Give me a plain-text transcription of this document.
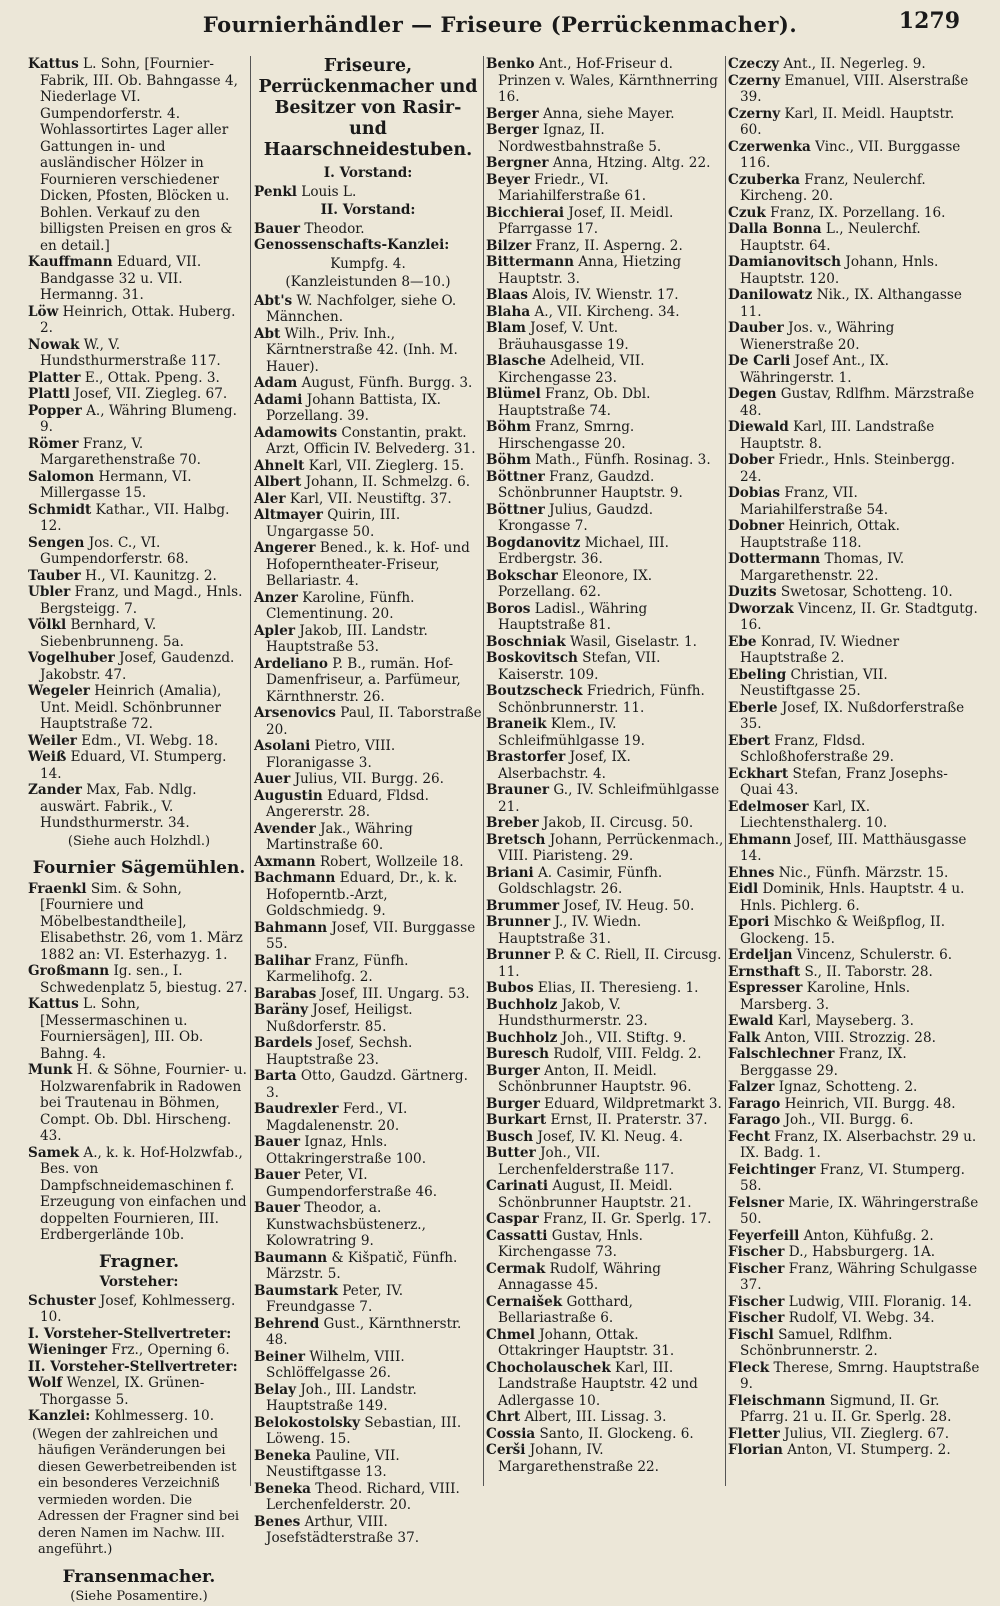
Fournierhändler — Friseure (Perrückenmacher).	1279
Kattus L. Sohn, [Fournier-Fabrik, III. Ob. Bahngasse 4, Niederlage VI. Gumpendorferstr. 4. Wohlassortirtes Lager aller Gattungen in- und ausländischer Hölzer in Fournieren verschiedener Dicken, Pfosten, Blöcken u. Bohlen. Verkauf zu den billigsten Preisen en gros & en detail.]
Kauffmann Eduard, VII. Bandgasse 32 u. VII. Hermanng. 31.
Löw Heinrich, Ottak. Huberg. 2.
Nowak W., V. Hundsthurmerstraße 117.
Platter E., Ottak. Ppeng. 3.
Plattl Josef, VII. Ziegleg. 67.
Popper A., Währing Blumeng. 9.
Römer Franz, V. Margarethenstraße 70.
Salomon Hermann, VI. Millergasse 15.
Schmidt Kathar., VII. Halbg. 12.
Sengen Jos. C., VI. Gumpendorferstr. 68.
Tauber H., VI. Kaunitzg. 2.
Ubler Franz, und Magd., Hnls. Bergsteigg. 7.
Völkl Bernhard, V. Siebenbrunneng. 5a.
Vogelhuber Josef, Gaudenzd. Jakobstr. 47.
Wegeler Heinrich (Amalia), Unt. Meidl. Schönbrunner Hauptstraße 72.
Weiler Edm., VI. Webg. 18.
Weiß Eduard, VI. Stumperg. 14.
Zander Max, Fab. Ndlg. auswärt. Fabrik., V. Hundsthurmerstr. 34.

(Siehe auch Holzhdl.)

Fournier Sägemühlen.
Fraenkl Sim. & Sohn, [Fourniere und Möbelbestandtheile], Elisabethstr. 26, vom 1. März 1882 an: VI. Esterhazyg. 1.
Großmann Ig. sen., I. Schwedenplatz 5, biestug. 27.
Kattus L. Sohn, [Messermaschinen u. Fourniersägen], III. Ob. Bahng. 4.
Munk H. & Söhne, Fournier- u. Holzwarenfabrik in Radowen bei Trautenau in Böhmen, Compt. Ob. Dbl. Hirscheng. 43.
Samek A., k. k. Hof-Holzwfab., Bes. von Dampfschneidemaschinen f. Erzeugung von einfachen und doppelten Fournieren, III. Erdbergerlände 10b.
Fragner.
Vorsteher:
Schuster Josef, Kohlmesserg. 10.
I. Vorsteher-Stellvertreter:
Wieninger Frz., Operning 6.
II. Vorsteher-Stellvertreter:
Wolf Wenzel, IX. Grünen-Thorgasse 5.
Kanzlei: Kohlmesserg. 10.

(Wegen der zahlreichen und häufigen Veränderungen bei diesen Gewerbetreibenden ist ein besonderes Verzeichniß vermieden worden. Die Adressen der Fragner sind bei deren Namen im Nachw. III. angeführt.)

Fransenmacher.

(Siehe Posamentire.)

Friseure, Perrückenmacher und Besitzer von Rasir- und Haarschneidestuben.
I. Vorstand:
Penkl Louis L.
II. Vorstand:
Bauer Theodor.
Genossenschafts-Kanzlei:
Kumpfg. 4.
(Kanzleistunden 8—10.)
Abt's W. Nachfolger, siehe O. Männchen.
Abt Wilh., Priv. Inh., Kärntnerstraße 42. (Inh. M. Hauer).
Adam August, Fünfh. Burgg. 3.
Adami Johann Battista, IX. Porzellang. 39.
Adamowits Constantin, prakt. Arzt, Officin IV. Belvederg. 31.
Ahnelt Karl, VII. Zieglerg. 15.
Albert Johann, II. Schmelzg. 6.
Aler Karl, VII. Neustiftg. 37.
Altmayer Quirin, III. Ungargasse 50.
Angerer Bened., k. k. Hof- und Hofoperntheater-Friseur, Bellariastr. 4.
Anzer Karoline, Fünfh. Clementinung. 20.
Apler Jakob, III. Landstr. Hauptstraße 53.
Ardeliano P. B., rumän. Hof-Damenfriseur, a. Parfümeur, Kärnthnerstr. 26.
Arsenovics Paul, II. Taborstraße 20.
Asolani Pietro, VIII. Floranigasse 3.
Auer Julius, VII. Burgg. 26.
Augustin Eduard, Fldsd. Angererstr. 28.
Avender Jak., Währing Martinstraße 60.
Axmann Robert, Wollzeile 18.
Bachmann Eduard, Dr., k. k. Hofoperntb.-Arzt, Goldschmiedg. 9.
Bahmann Josef, VII. Burggasse 55.
Balihar Franz, Fünfh. Karmelihofg. 2.
Barabas Josef, III. Ungarg. 53.
Baräny Josef, Heiligst. Nußdorferstr. 85.
Bardels Josef, Sechsh. Hauptstraße 23.
Barta Otto, Gaudzd. Gärtnerg. 3.
Baudrexler Ferd., VI. Magdalenenstr. 20.
Bauer Ignaz, Hnls. Ottakringerstraße 100.
Bauer Peter, VI. Gumpendorferstraße 46.
Bauer Theodor, a. Kunstwachsbüstenerz., Kolowratring 9.
Baumann & Kišpatič, Fünfh. Märzstr. 5.
Baumstark Peter, IV. Freundgasse 7.
Behrend Gust., Kärnthnerstr. 48.
Beiner Wilhelm, VIII. Schlöffelgasse 26.
Belay Joh., III. Landstr. Hauptstraße 149.
Belokostolsky Sebastian, III. Löweng. 15.
Beneka Pauline, VII. Neustiftgasse 13.
Beneka Theod. Richard, VIII. Lerchenfelderstr. 20.
Benes Arthur, VIII. Josefstädterstraße 37.
Benko Ant., Hof-Friseur d. Prinzen v. Wales, Kärnthnerring 16.
Berger Anna, siehe Mayer.
Berger Ignaz, II. Nordwestbahnstraße 5.
Bergner Anna, Htzing. Altg. 22.
Beyer Friedr., VI. Mariahilferstraße 61.
Bicchierai Josef, II. Meidl. Pfarrgasse 17.
Bilzer Franz, II. Asperng. 2.
Bittermann Anna, Hietzing Hauptstr. 3.
Blaas Alois, IV. Wienstr. 17.
Blaha A., VII. Kircheng. 34.
Blam Josef, V. Unt. Bräuhausgasse 19.
Blasche Adelheid, VII. Kirchengasse 23.
Blümel Franz, Ob. Dbl. Hauptstraße 74.
Böhm Franz, Smrng. Hirschengasse 20.
Böhm Math., Fünfh. Rosinag. 3.
Böttner Franz, Gaudzd. Schönbrunner Hauptstr. 9.
Böttner Julius, Gaudzd. Krongasse 7.
Bogdanovitz Michael, III. Erdbergstr. 36.
Bokschar Eleonore, IX. Porzellang. 62.
Boros Ladisl., Währing Hauptstraße 81.
Boschniak Wasil, Giselastr. 1.
Boskovitsch Stefan, VII. Kaiserstr. 109.
Boutzscheck Friedrich, Fünfh. Schönbrunnerstr. 11.
Braneik Klem., IV. Schleifmühlgasse 19.
Brastorfer Josef, IX. Alserbachstr. 4.
Brauner G., IV. Schleifmühlgasse 21.
Breber Jakob, II. Circusg. 50.
Bretsch Johann, Perrückenmach., VIII. Piaristeng. 29.
Briani A. Casimir, Fünfh. Goldschlagstr. 26.
Brummer Josef, IV. Heug. 50.
Brunner J., IV. Wiedn. Hauptstraße 31.
Brunner P. & C. Riell, II. Circusg. 11.
Bubos Elias, II. Theresieng. 1.
Buchholz Jakob, V. Hundsthurmerstr. 23.
Buchholz Joh., VII. Stiftg. 9.
Buresch Rudolf, VIII. Feldg. 2.
Burger Anton, II. Meidl. Schönbrunner Hauptstr. 96.
Burger Eduard, Wildpretmarkt 3.
Burkart Ernst, II. Praterstr. 37.
Busch Josef, IV. Kl. Neug. 4.
Butter Joh., VII. Lerchenfelderstraße 117.
Carinati August, II. Meidl. Schönbrunner Hauptstr. 21.
Caspar Franz, II. Gr. Sperlg. 17.
Cassatti Gustav, Hnls. Kirchengasse 73.
Cermak Rudolf, Währing Annagasse 45.
Cernaišek Gotthard, Bellariastraße 6.
Chmel Johann, Ottak. Ottakringer Hauptstr. 31.
Chocholauschek Karl, III. Landstraße Hauptstr. 42 und Adlergasse 10.
Chrt Albert, III. Lissag. 3.
Cossia Santo, II. Glockeng. 6.
Cerši Johann, IV. Margarethenstraße 22.
Czeczy Ant., II. Negerleg. 9.
Czerny Emanuel, VIII. Alserstraße 39.
Czerny Karl, II. Meidl. Hauptstr. 60.
Czerwenka Vinc., VII. Burggasse 116.
Czuberka Franz, Neulerchf. Kircheng. 20.
Czuk Franz, IX. Porzellang. 16.
Dalla Bonna L., Neulerchf. Hauptstr. 64.
Damianovitsch Johann, Hnls. Hauptstr. 120.
Danilowatz Nik., IX. Althangasse 11.
Dauber Jos. v., Währing Wienerstraße 20.
De Carli Josef Ant., IX. Währingerstr. 1.
Degen Gustav, Rdlfhm. Märzstraße 48.
Diewald Karl, III. Landstraße Hauptstr. 8.
Dober Friedr., Hnls. Steinbergg. 24.
Dobias Franz, VII. Mariahilferstraße 54.
Dobner Heinrich, Ottak. Hauptstraße 118.
Dottermann Thomas, IV. Margarethenstr. 22.
Duzits Swetosar, Schotteng. 10.
Dworzak Vincenz, II. Gr. Stadtgutg. 16.
Ebe Konrad, IV. Wiedner Hauptstraße 2.
Ebeling Christian, VII. Neustiftgasse 25.
Eberle Josef, IX. Nußdorferstraße 35.
Ebert Franz, Fldsd. Schloßhoferstraße 29.
Eckhart Stefan, Franz Josephs-Quai 43.
Edelmoser Karl, IX. Liechtensthalerg. 10.
Ehmann Josef, III. Matthäusgasse 14.
Ehnes Nic., Fünfh. Märzstr. 15.
Eidl Dominik, Hnls. Hauptstr. 4 u. Hnls. Pichlerg. 6.
Epori Mischko & Weißpflog, II. Glockeng. 15.
Erdeljan Vincenz, Schulerstr. 6.
Ernsthaft S., II. Taborstr. 28.
Espresser Karoline, Hnls. Marsberg. 3.
Ewald Karl, Mayseberg. 3.
Falk Anton, VIII. Strozzig. 28.
Falschlechner Franz, IX. Berggasse 29.
Falzer Ignaz, Schotteng. 2.
Farago Heinrich, VII. Burgg. 48.
Farago Joh., VII. Burgg. 6.
Fecht Franz, IX. Alserbachstr. 29 u. IX. Badg. 1.
Feichtinger Franz, VI. Stumperg. 58.
Felsner Marie, IX. Währingerstraße 50.
Feyerfeill Anton, Kühfußg. 2.
Fischer D., Habsburgerg. 1A.
Fischer Franz, Währing Schulgasse 37.
Fischer Ludwig, VIII. Floranig. 14.
Fischer Rudolf, VI. Webg. 34.
Fischl Samuel, Rdlfhm. Schönbrunnerstr. 2.
Fleck Therese, Smrng. Hauptstraße 9.
Fleischmann Sigmund, II. Gr. Pfarrg. 21 u. II. Gr. Sperlg. 28.
Fletter Julius, VII. Zieglerg. 67.
Florian Anton, VI. Stumperg. 2.
